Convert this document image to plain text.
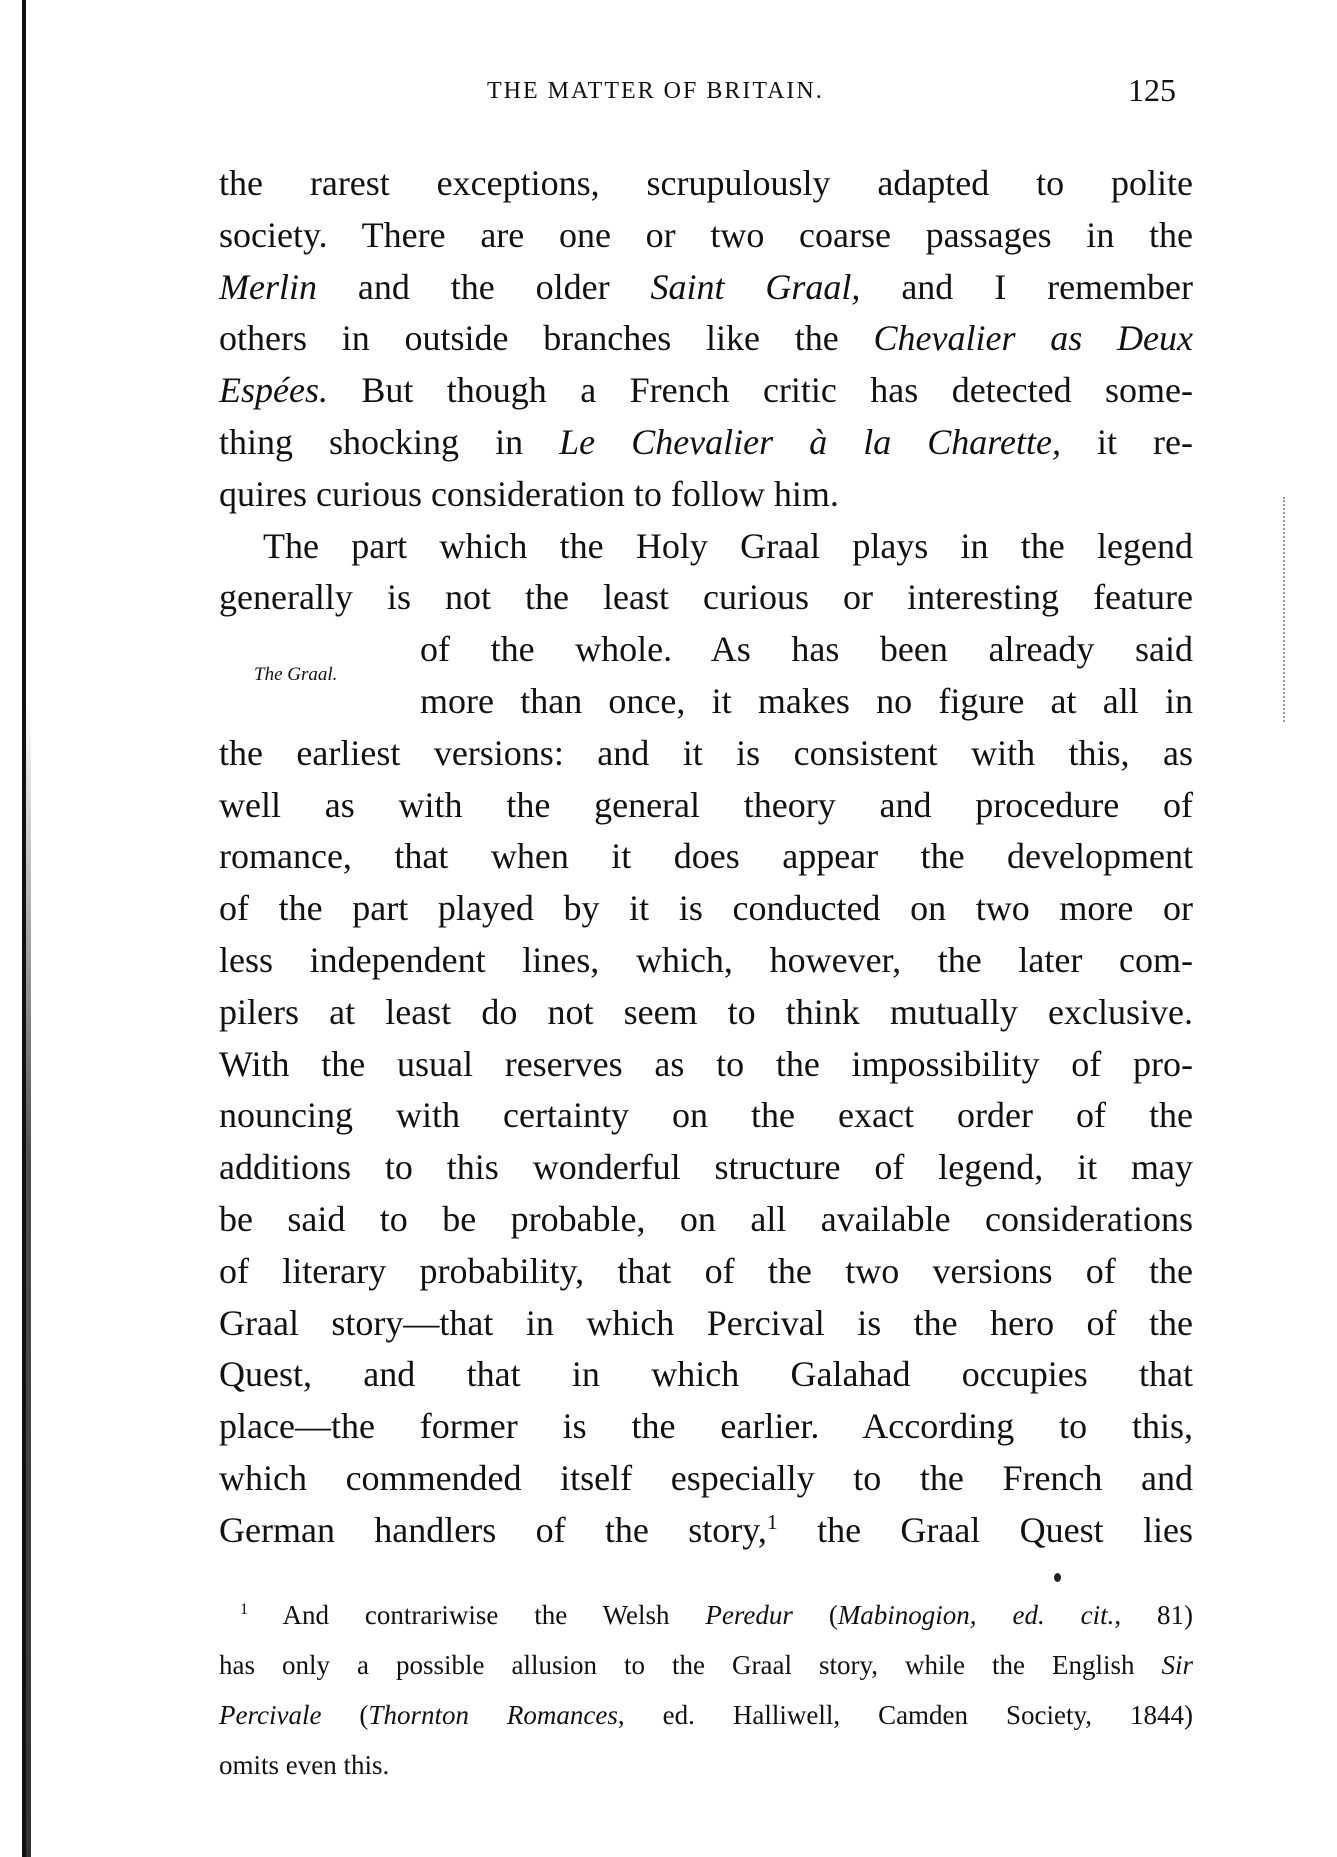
THE MATTER OF BRITAIN.	125
The Graal.
the rarest exceptions, scrupulously adapted to polite
society. There are one or two coarse passages in the
Merlin and the older Saint Graal, and I remember
others in outside branches like the Chevalier as Deux
Espées. But though a French critic has detected some-
thing shocking in Le Chevalier à la Charette, it re-
quires curious consideration to follow him.
The part which the Holy Graal plays in the legend
generally is not the least curious or interesting feature
of the whole. As has been already said
more than once, it makes no figure at all in
the earliest versions: and it is consistent with this, as
well as with the general theory and procedure of
romance, that when it does appear the development
of the part played by it is conducted on two more or
less independent lines, which, however, the later com-
pilers at least do not seem to think mutually exclusive.
With the usual reserves as to the impossibility of pro-
nouncing with certainty on the exact order of the
additions to this wonderful structure of legend, it may
be said to be probable, on all available considerations
of literary probability, that of the two versions of the
Graal story—that in which Percival is the hero of the
Quest, and that in which Galahad occupies that
place—the former is the earlier. According to this,
which commended itself especially to the French and
German handlers of the story,$^1$ the Graal Quest lies
$^1$ And contrariwise the Welsh Peredur (Mabinogion, ed. cit., 81)
has only a possible allusion to the Graal story, while the English Sir
Percivale (Thornton Romances, ed. Halliwell, Camden Society, 1844)
omits even this.
